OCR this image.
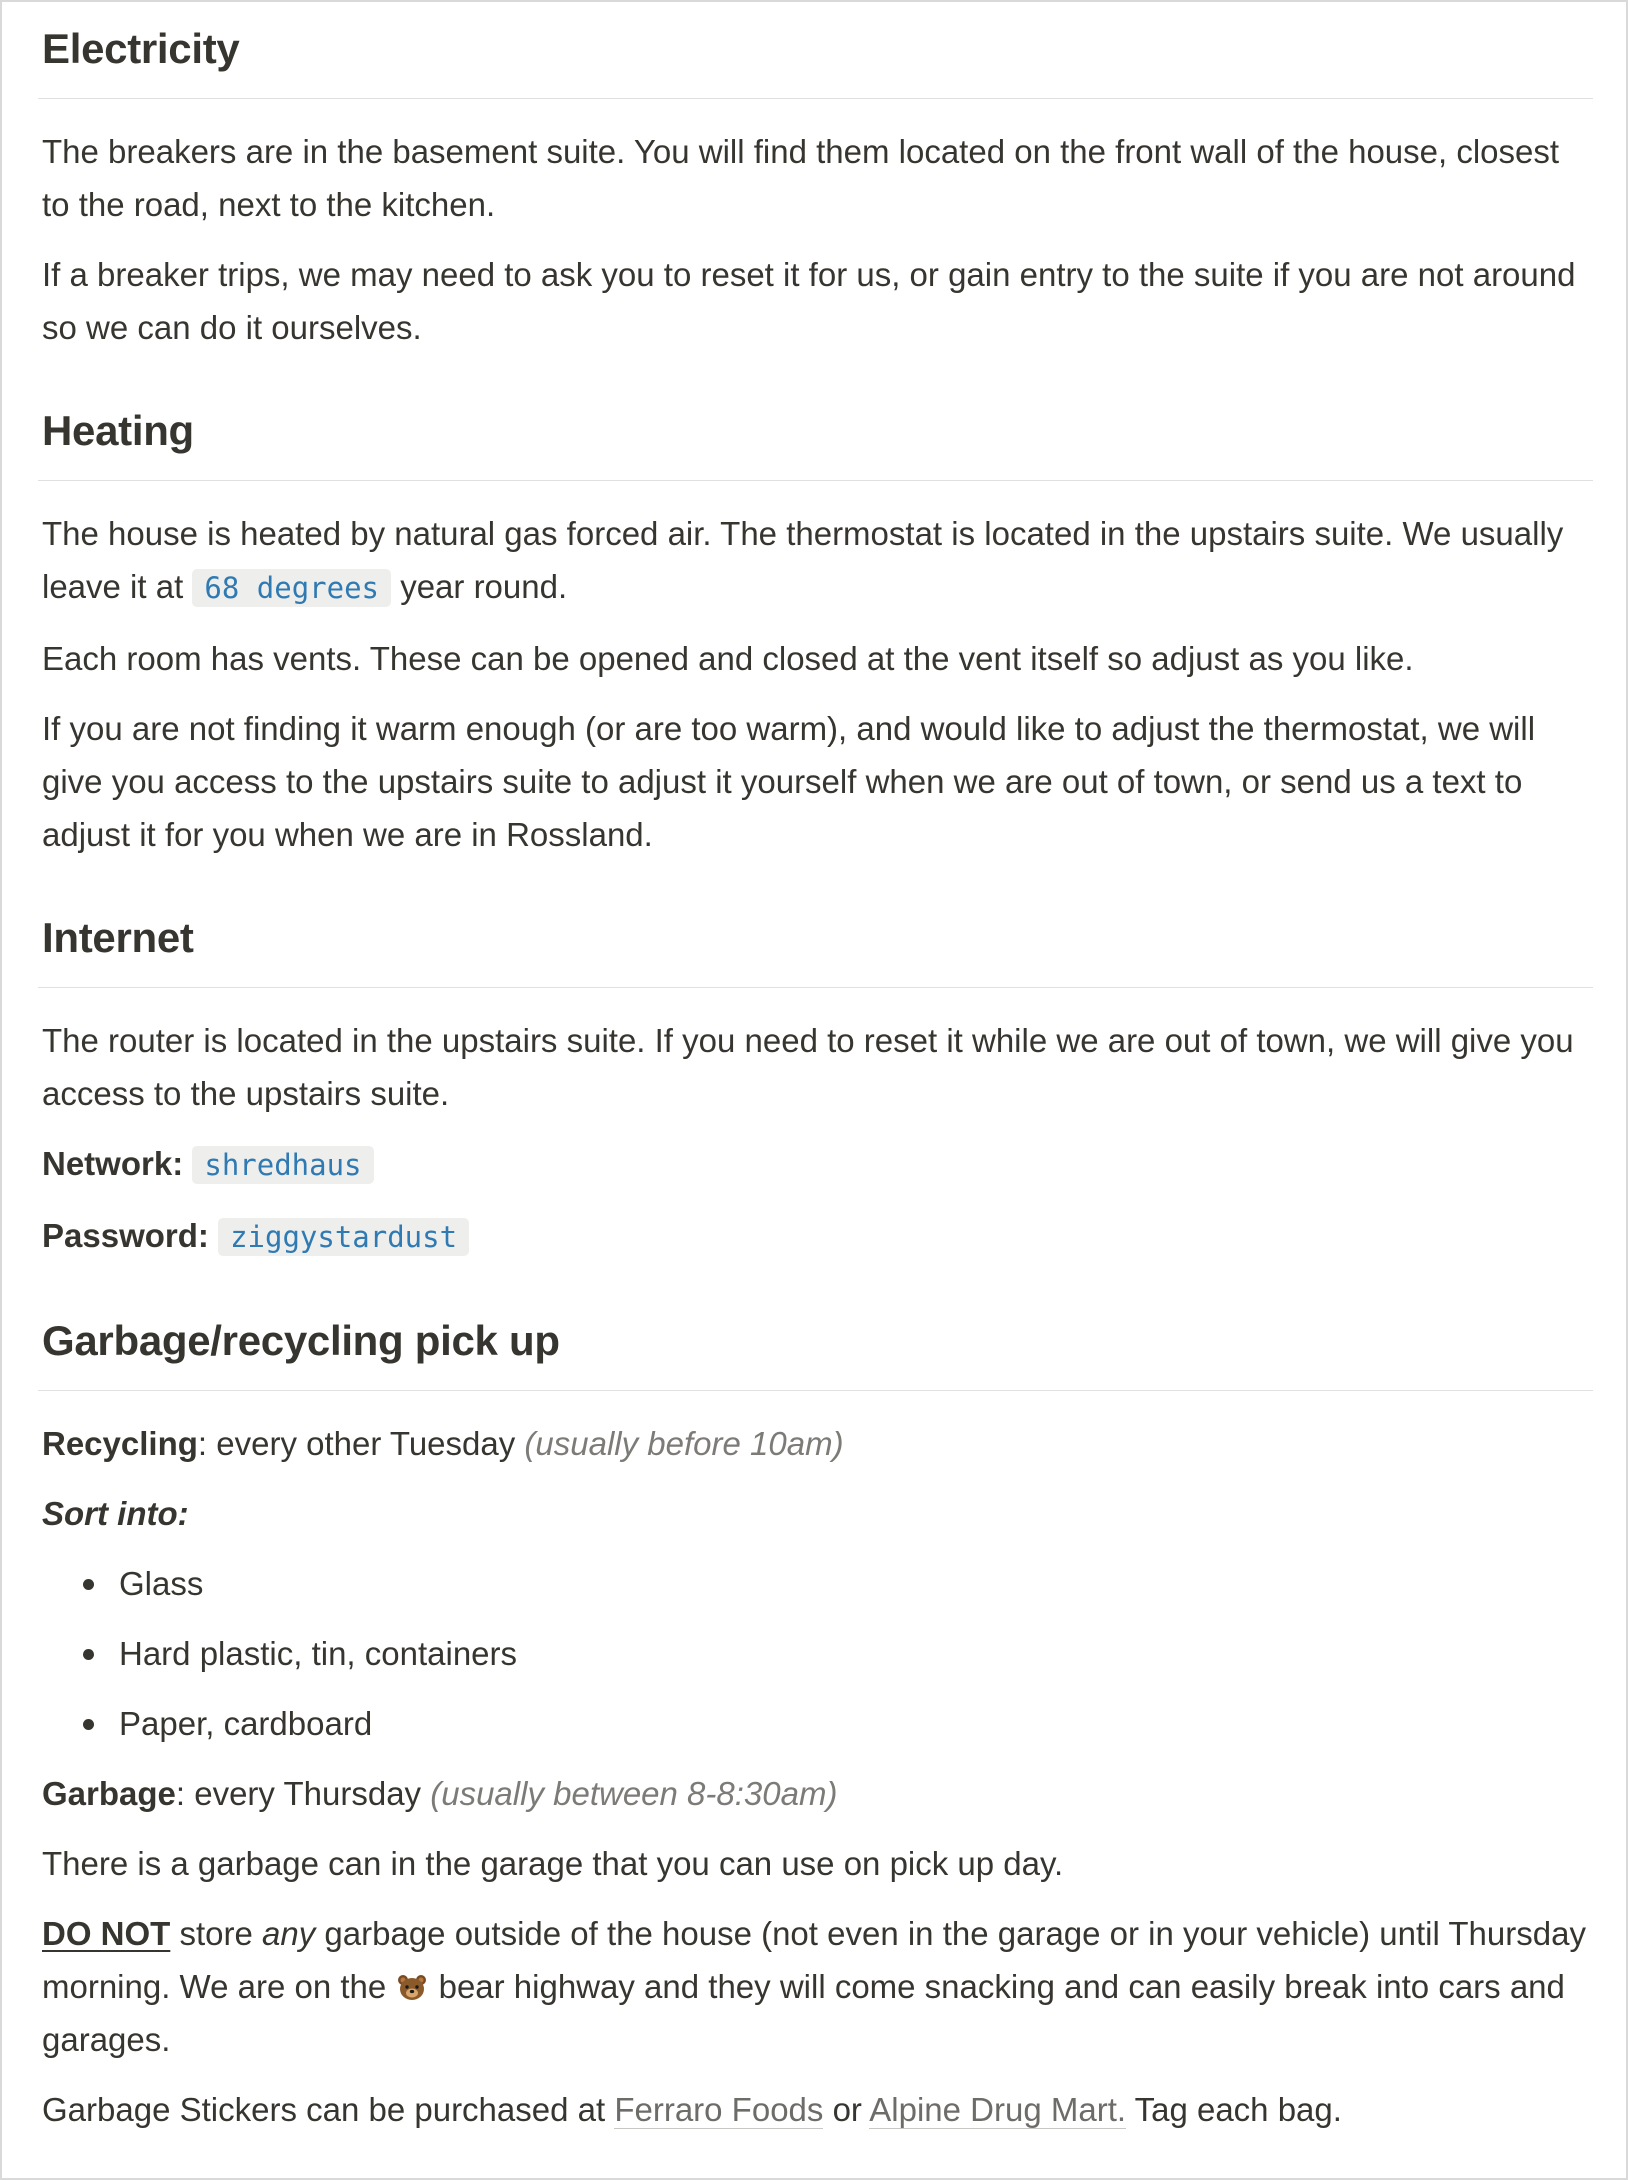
Electricity

The breakers are in the basement suite. You will find them located on the front wall of the house, closest to the road, next to the kitchen.

If a breaker trips, we may need to ask you to reset it for us, or gain entry to the suite if you are not around so we can do it ourselves.

Heating

The house is heated by natural gas forced air. The thermostat is located in the upstairs suite. We usually leave it at 68 degrees year round.

Each room has vents. These can be opened and closed at the vent itself so adjust as you like.

If you are not finding it warm enough (or are too warm), and would like to adjust the thermostat, we will give you access to the upstairs suite to adjust it yourself when we are out of town, or send us a text to adjust it for you when we are in Rossland.

Internet

The router is located in the upstairs suite. If you need to reset it while we are out of town, we will give you access to the upstairs suite.

Network: shredhaus

Password: ziggystardust

Garbage/recycling pick up

Recycling: every other Tuesday (usually before 10am)

Sort into:

Glass
Hard plastic, tin, containers
Paper, cardboard

Garbage: every Thursday (usually between 8-8:30am)

There is a garbage can in the garage that you can use on pick up day.

DO NOT store any garbage outside of the house (not even in the garage or in your vehicle) until Thursday morning. We are on the  bear highway and they will come snacking and can easily break into cars and garages.

Garbage Stickers can be purchased at Ferraro Foods or Alpine Drug Mart. Tag each bag.
